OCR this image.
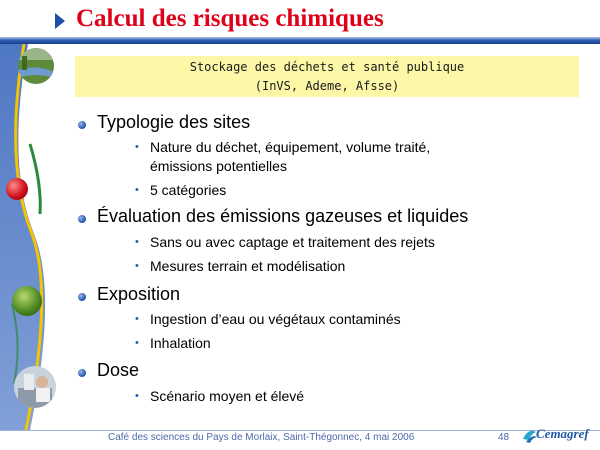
Calcul des risques chimiques
Stockage des déchets et santé publique
(InVS, Ademe, Afsse)
Typologie des sites
• Nature du déchet, équipement, volume traité,
émissions potentielles
• 5 catégories
Évaluation des émissions gazeuses et liquides
• Sans ou avec captage et traitement des rejets
• Mesures terrain et modélisation
Exposition
• Ingestion d’eau ou végétaux contaminés
• Inhalation
Dose
• Scénario moyen et élevé
Café des sciences du Pays de Morlaix, Saint-Thégonnec, 4 mai 2006	48 Cemagref
